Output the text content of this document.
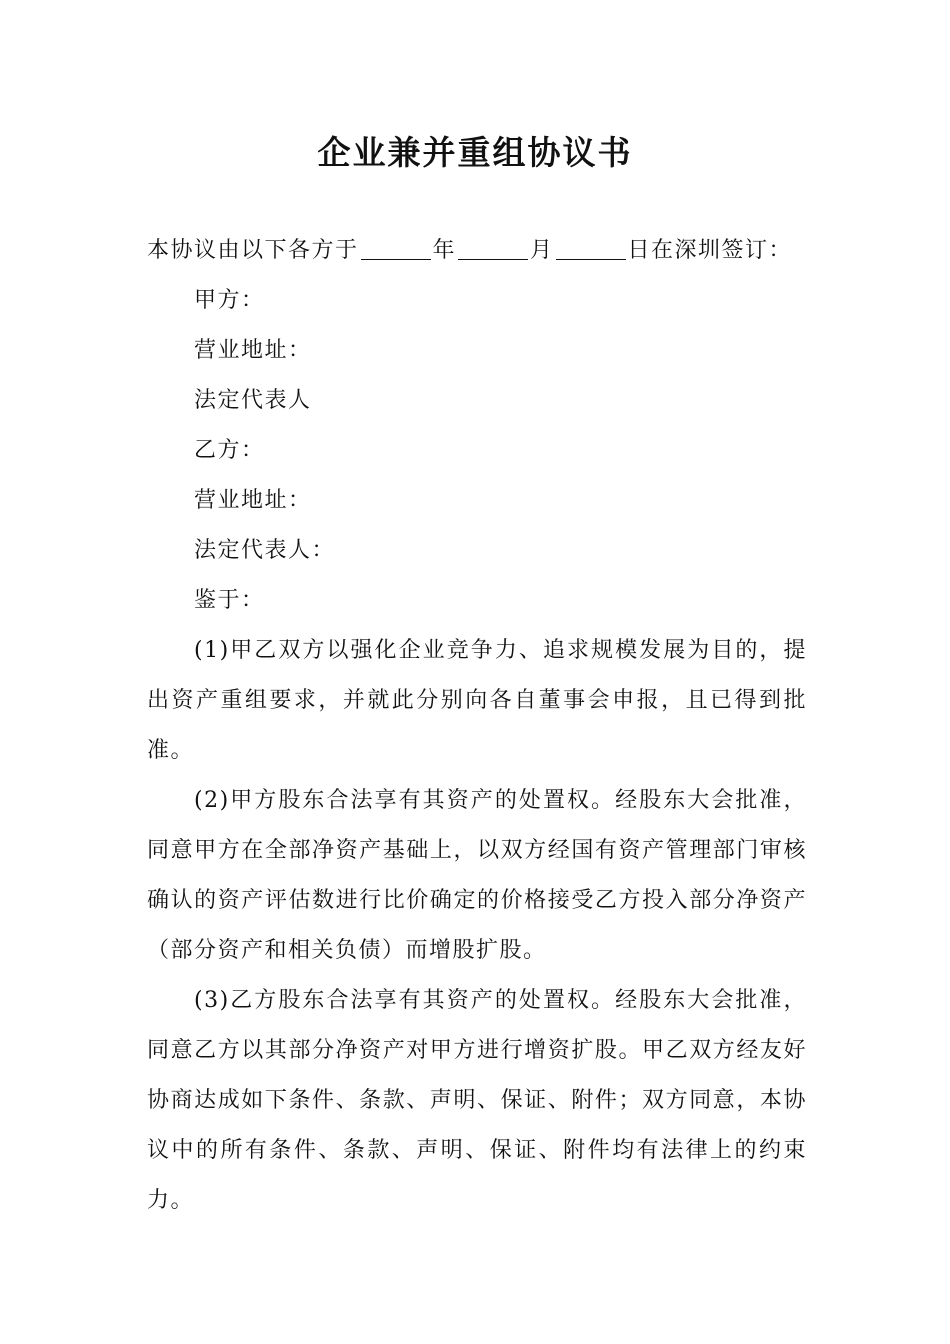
企业兼并重组协议书

本协议由以下各方于	年	月	日在深圳签订：

甲方：

营业地址：

法定代表人

乙方：

营业地址：

法定代表人：

鉴于：

(1)甲乙双方以强化企业竞争力、追求规模发展为目的，提出资产重组要求，并就此分别向各自董事会申报，且已得到批准。

(2)甲方股东合法享有其资产的处置权。经股东大会批准，同意甲方在全部净资产基础上，以双方经国有资产管理部门审核确认的资产评估数进行比价确定的价格接受乙方投入部分净资产（部分资产和相关负债）而增股扩股。

(3)乙方股东合法享有其资产的处置权。经股东大会批准，同意乙方以其部分净资产对甲方进行增资扩股。甲乙双方经友好协商达成如下条件、条款、声明、保证、附件；双方同意，本协议中的所有条件、条款、声明、保证、附件均有法律上的约束力。
